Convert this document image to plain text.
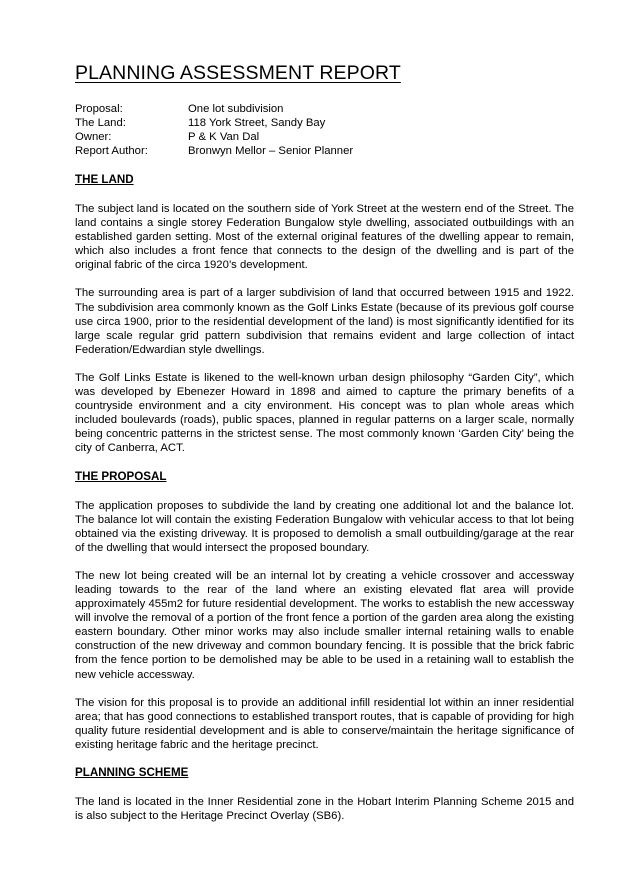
PLANNING ASSESSMENT REPORT
Proposal:	One lot subdivision
The Land:	118 York Street, Sandy Bay
Owner:	P & K Van Dal
Report Author:	Bronwyn Mellor – Senior Planner
THE LAND

The subject land is located on the southern side of York Street at the western end of the Street. The land contains a single storey Federation Bungalow style dwelling, associated outbuildings with an established garden setting. Most of the external original features of the dwelling appear to remain, which also includes a front fence that connects to the design of the dwelling and is part of the original fabric of the circa 1920’s development.

The surrounding area is part of a larger subdivision of land that occurred between 1915 and 1922. The subdivision area commonly known as the Golf Links Estate (because of its previous golf course use circa 1900, prior to the residential development of the land) is most significantly identified for its large scale regular grid pattern subdivision that remains evident and large collection of intact Federation/Edwardian style dwellings.

The Golf Links Estate is likened to the well-known urban design philosophy “Garden City”, which was developed by Ebenezer Howard in 1898 and aimed to capture the primary benefits of a countryside environment and a city environment. His concept was to plan whole areas which included boulevards (roads), public spaces, planned in regular patterns on a larger scale, normally being concentric patterns in the strictest sense. The most commonly known ‘Garden City’ being the city of Canberra, ACT.

THE PROPOSAL

The application proposes to subdivide the land by creating one additional lot and the balance lot. The balance lot will contain the existing Federation Bungalow with vehicular access to that lot being obtained via the existing driveway. It is proposed to demolish a small outbuilding/garage at the rear of the dwelling that would intersect the proposed boundary.

The new lot being created will be an internal lot by creating a vehicle crossover and accessway leading towards to the rear of the land where an existing elevated flat area will provide approximately 455m2 for future residential development. The works to establish the new accessway will involve the removal of a portion of the front fence a portion of the garden area along the existing eastern boundary. Other minor works may also include smaller internal retaining walls to enable construction of the new driveway and common boundary fencing. It is possible that the brick fabric from the fence portion to be demolished may be able to be used in a retaining wall to establish the new vehicle accessway.

The vision for this proposal is to provide an additional infill residential lot within an inner residential area; that has good connections to established transport routes, that is capable of providing for high quality future residential development and is able to conserve/maintain the heritage significance of existing heritage fabric and the heritage precinct.

PLANNING SCHEME

The land is located in the Inner Residential zone in the Hobart Interim Planning Scheme 2015 and is also subject to the Heritage Precinct Overlay (SB6).
